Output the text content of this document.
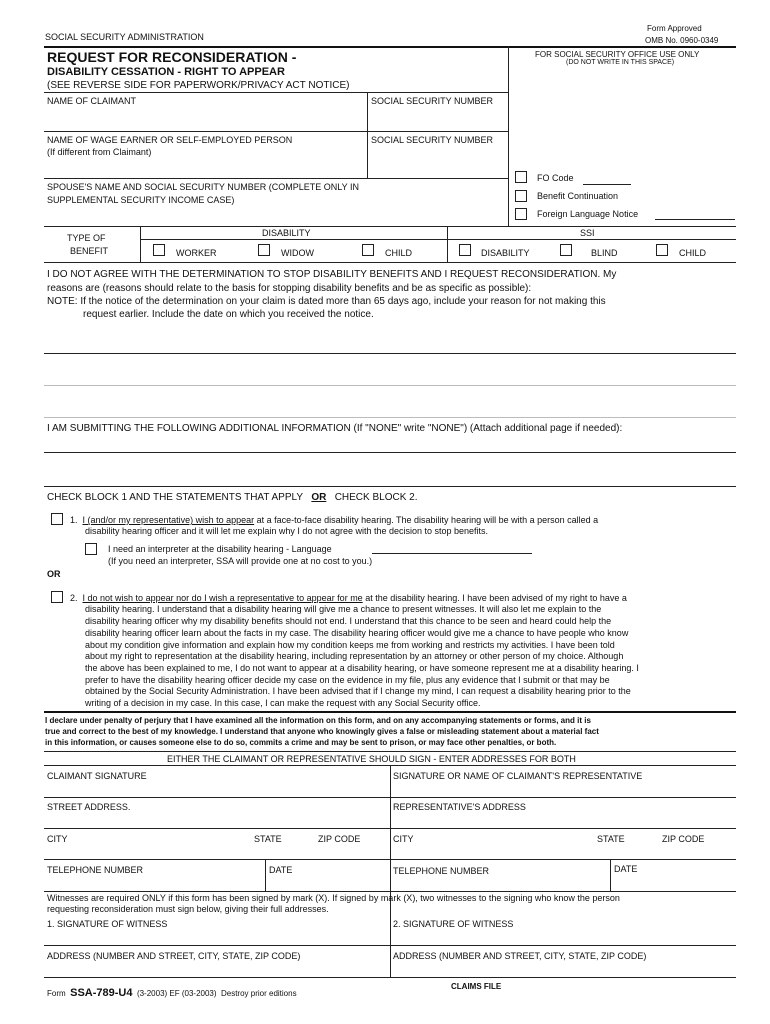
Form Approved
OMB No. 0960-0349
SOCIAL SECURITY ADMINISTRATION
REQUEST FOR RECONSIDERATION -
DISABILITY CESSATION - RIGHT TO APPEAR
(SEE REVERSE SIDE FOR PAPERWORK/PRIVACY ACT NOTICE)
FOR SOCIAL SECURITY OFFICE USE ONLY
(DO NOT WRITE IN THIS SPACE)
NAME OF CLAIMANT	SOCIAL SECURITY NUMBER
NAME OF WAGE EARNER OR SELF-EMPLOYED PERSON
(If different from Claimant)
SOCIAL SECURITY NUMBER
SPOUSE'S NAME AND SOCIAL SECURITY NUMBER (COMPLETE ONLY IN
SUPPLEMENTAL SECURITY INCOME CASE)
FO Code
Benefit Continuation
Foreign Language Notice
TYPE OF
BENEFIT
DISABILITY	SSI
WORKER	WIDOW	CHILD	DISABILITY	BLIND	CHILD
I DO NOT AGREE WITH THE DETERMINATION TO STOP DISABILITY BENEFITS AND I REQUEST RECONSIDERATION. My
reasons are (reasons should relate to the basis for stopping disability benefits and be as specific as possible):
NOTE: If the notice of the determination on your claim is dated more than 65 days ago, include your reason for not making this
request earlier. Include the date on which you received the notice.
I AM SUBMITTING THE FOLLOWING ADDITIONAL INFORMATION (If "NONE" write "NONE") (Attach additional page if needed):
CHECK BLOCK 1 AND THE STATEMENTS THAT APPLY OR CHECK BLOCK 2.
1. I (and/or my representative) wish to appear at a face-to-face disability hearing. The disability hearing will be with a person called a
disability hearing officer and it will let me explain why I do not agree with the decision to stop benefits.
I need an interpreter at the disability hearing - Language
(If you need an interpreter, SSA will provide one at no cost to you.)
OR
2. I do not wish to appear nor do I wish a representative to appear for me at the disability hearing. I have been advised of my right to have a
disability hearing. I understand that a disability hearing will give me a chance to present witnesses. It will also let me explain to the
disability hearing officer why my disability benefits should not end. I understand that this chance to be seen and heard could help the
disability hearing officer learn about the facts in my case. The disability hearing officer would give me a chance to have people who know
about my condition give information and explain how my condition keeps me from working and restricts my activities. I have been told
about my right to representation at the disability hearing, including representation by an attorney or other person of my choice. Although
the above has been explained to me, I do not want to appear at a disability hearing, or have someone represent me at a disability hearing. I
prefer to have the disability hearing officer decide my case on the evidence in my file, plus any evidence that I submit or that may be
obtained by the Social Security Administration. I have been advised that if I change my mind, I can request a disability hearing prior to the
writing of a decision in my case. In this case, I can make the request with any Social Security office.
I declare under penalty of perjury that I have examined all the information on this form, and on any accompanying statements or forms, and it is
true and correct to the best of my knowledge. I understand that anyone who knowingly gives a false or misleading statement about a material fact
in this information, or causes someone else to do so, commits a crime and may be sent to prison, or may face other penalties, or both.
EITHER THE CLAIMANT OR REPRESENTATIVE SHOULD SIGN - ENTER ADDRESSES FOR BOTH
CLAIMANT SIGNATURE	SIGNATURE OR NAME OF CLAIMANT'S REPRESENTATIVE
STREET ADDRESS.	REPRESENTATIVE'S ADDRESS
CITY	STATE	ZIP CODE	CITY	STATE	ZIP CODE
TELEPHONE NUMBER	DATE	TELEPHONE NUMBER	DATE
Witnesses are required ONLY if this form has been signed by mark (X). If signed by mark (X), two witnesses to the signing who know the person
requesting reconsideration must sign below, giving their full addresses.
1. SIGNATURE OF WITNESS	2. SIGNATURE OF WITNESS
ADDRESS (NUMBER AND STREET, CITY, STATE, ZIP CODE)	ADDRESS (NUMBER AND STREET, CITY, STATE, ZIP CODE)
Form SSA-789-U4 (3-2003) EF (03-2003) Destroy prior editions
CLAIMS FILE
